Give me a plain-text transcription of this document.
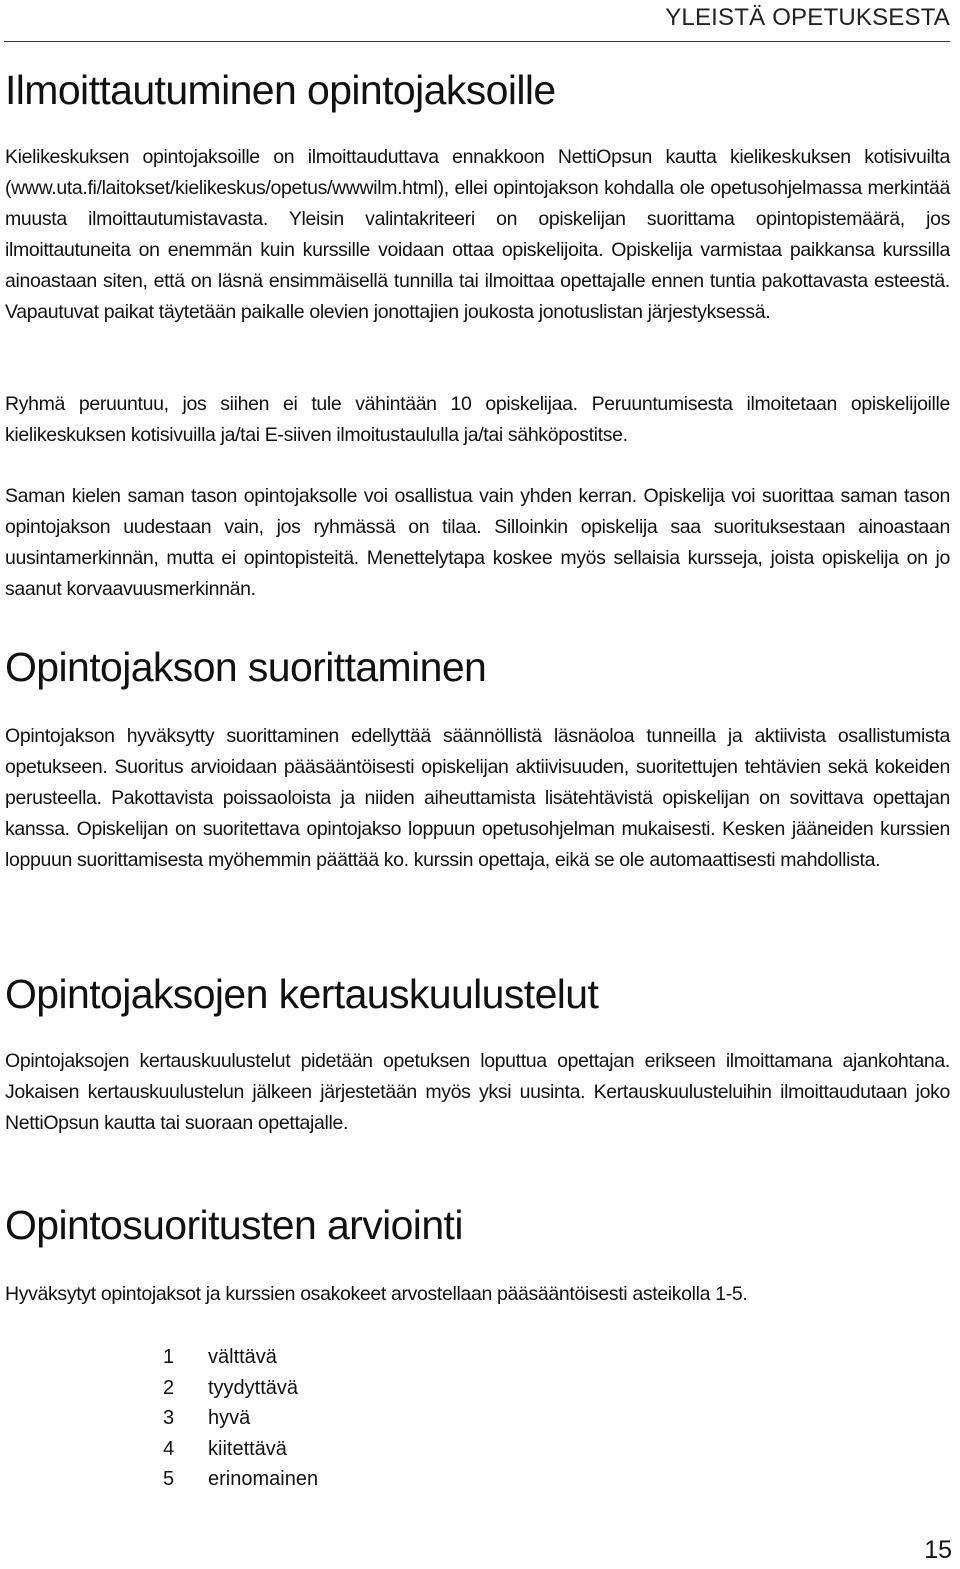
YLEISTÄ OPETUKSESTA
Ilmoittautuminen opintojaksoille

Kielikeskuksen opintojaksoille on ilmoittauduttava ennakkoon NettiOpsun kautta kielikeskuksen kotisivuilta (www.uta.fi/laitokset/kielikeskus/opetus/wwwilm.html), ellei opintojakson kohdalla ole opetusohjelmassa merkintää muusta ilmoittautumistavasta. Yleisin valintakriteeri on opiskelijan suorittama opintopistemäärä, jos ilmoittautuneita on enemmän kuin kurssille voidaan ottaa opiskelijoita. Opiskelija varmistaa paikkansa kurssilla ainoastaan siten, että on läsnä ensimmäisellä tunnilla tai ilmoittaa opettajalle ennen tuntia pakottavasta esteestä. Vapautuvat paikat täytetään paikalle olevien jonottajien joukosta jonotuslistan järjestyksessä.

Ryhmä peruuntuu, jos siihen ei tule vähintään 10 opiskelijaa. Peruuntumisesta ilmoitetaan opiskelijoille kielikeskuksen kotisivuilla ja/tai E-siiven ilmoitustaululla ja/tai sähköpostitse.

Saman kielen saman tason opintojaksolle voi osallistua vain yhden kerran. Opiskelija voi suorittaa saman tason opintojakson uudestaan vain, jos ryhmässä on tilaa. Silloinkin opiskelija saa suorituksestaan ainoastaan uusintamerkinnän, mutta ei opintopisteitä. Menettelytapa koskee myös sellaisia kursseja, joista opiskelija on jo saanut korvaavuusmerkinnän.

Opintojakson suorittaminen

Opintojakson hyväksytty suorittaminen edellyttää säännöllistä läsnäoloa tunneilla ja aktiivista osallistumista opetukseen. Suoritus arvioidaan pääsääntöisesti opiskelijan aktiivisuuden, suoritettujen tehtävien sekä kokeiden perusteella. Pakottavista poissaoloista ja niiden aiheuttamista lisätehtävistä opiskelijan on sovittava opettajan kanssa. Opiskelijan on suoritettava opintojakso loppuun opetusohjelman mukaisesti. Kesken jääneiden kurssien loppuun suorittamisesta myöhemmin päättää ko. kurssin opettaja, eikä se ole automaattisesti mahdollista.

Opintojaksojen kertauskuulustelut

Opintojaksojen kertauskuulustelut pidetään opetuksen loputtua opettajan erikseen ilmoittamana ajankohtana. Jokaisen kertauskuulustelun jälkeen järjestetään myös yksi uusinta. Kertauskuulusteluihin ilmoittaudutaan joko NettiOpsun kautta tai suoraan opettajalle.

Opintosuoritusten arviointi

Hyväksytyt opintojaksot ja kurssien osakokeet arvostellaan pääsääntöisesti asteikolla 1-5.

1	välttävä
2	tyydyttävä
3	hyvä
4	kiitettävä
5	erinomainen
15
